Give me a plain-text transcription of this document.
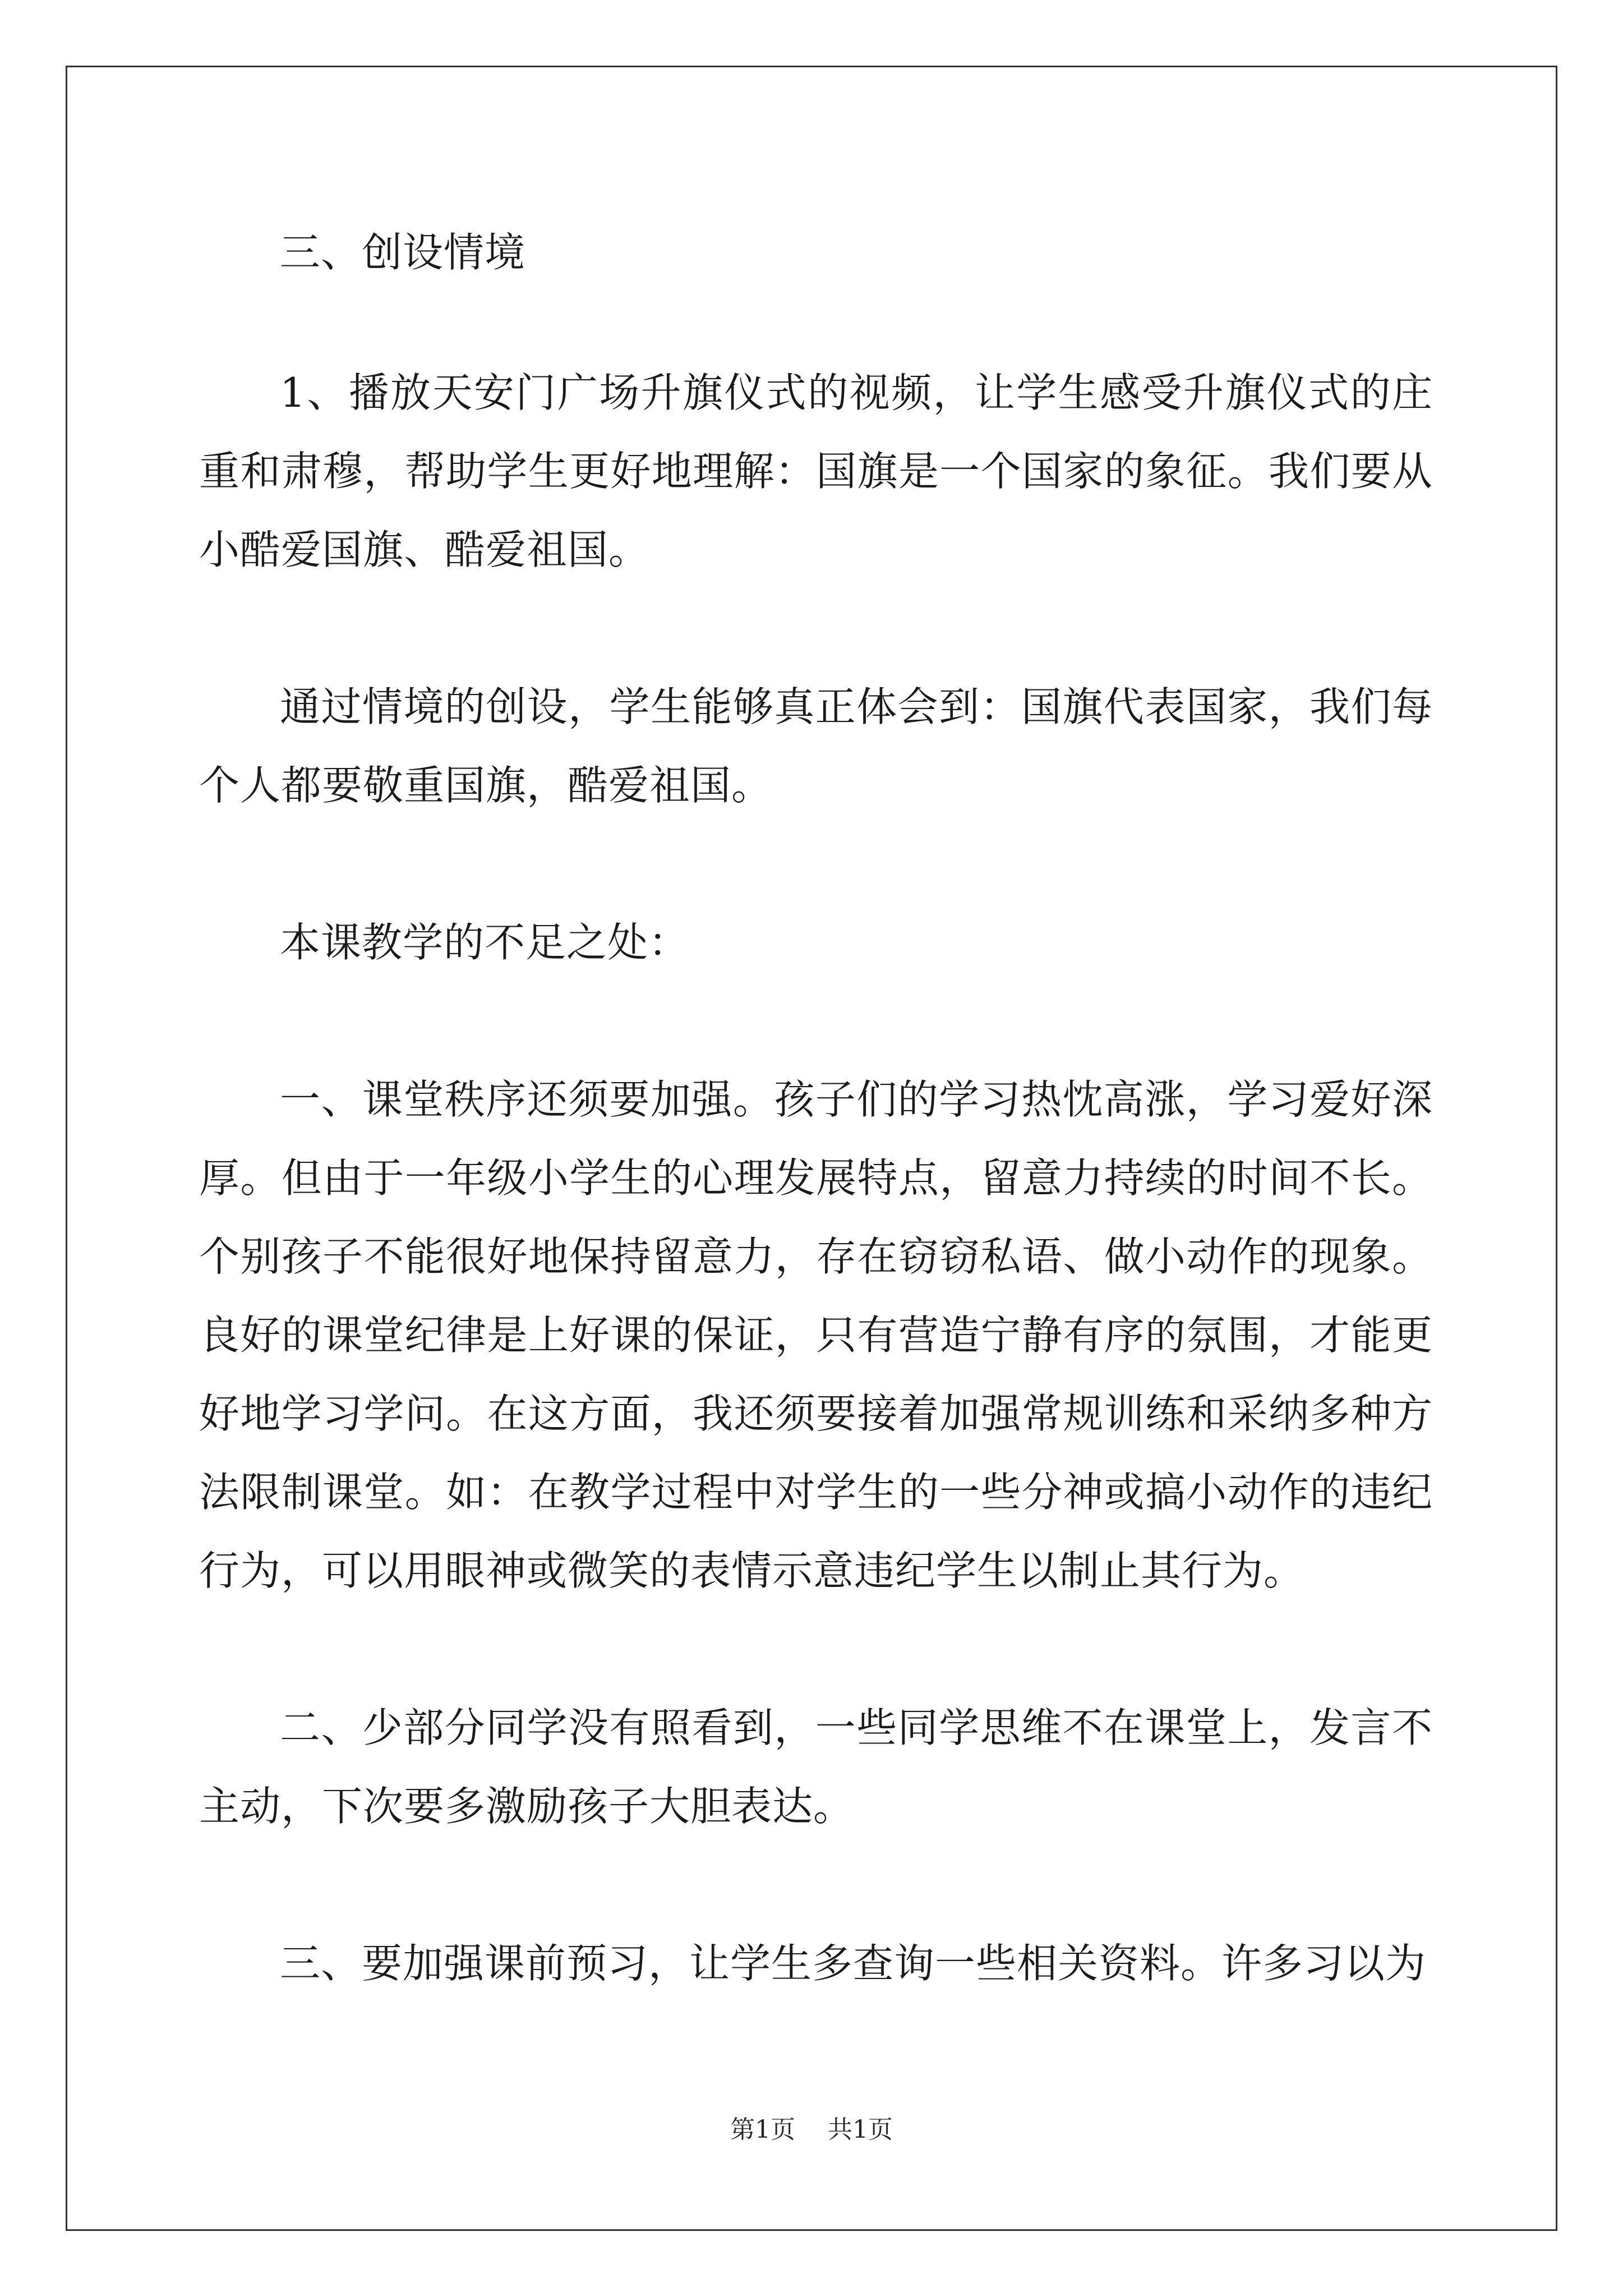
三、创设情境

1、播放天安门广场升旗仪式的视频，让学生感受升旗仪式的庄重和肃穆，帮助学生更好地理解：国旗是一个国家的象征。我们要从小酷爱国旗、酷爱祖国。

通过情境的创设，学生能够真正体会到：国旗代表国家，我们每个人都要敬重国旗，酷爱祖国。

本课教学的不足之处：

一、课堂秩序还须要加强。孩子们的学习热忱高涨，学习爱好深厚。但由于一年级小学生的心理发展特点，留意力持续的时间不长。个别孩子不能很好地保持留意力，存在窃窃私语、做小动作的现象。良好的课堂纪律是上好课的保证，只有营造宁静有序的氛围，才能更好地学习学问。在这方面，我还须要接着加强常规训练和采纳多种方法限制课堂。如：在教学过程中对学生的一些分神或搞小动作的违纪行为，可以用眼神或微笑的表情示意违纪学生以制止其行为。

二、少部分同学没有照看到，一些同学思维不在课堂上，发言不主动，下次要多激励孩子大胆表达。

三、要加强课前预习，让学生多查询一些相关资料。许多习以为

第1页 共1页
